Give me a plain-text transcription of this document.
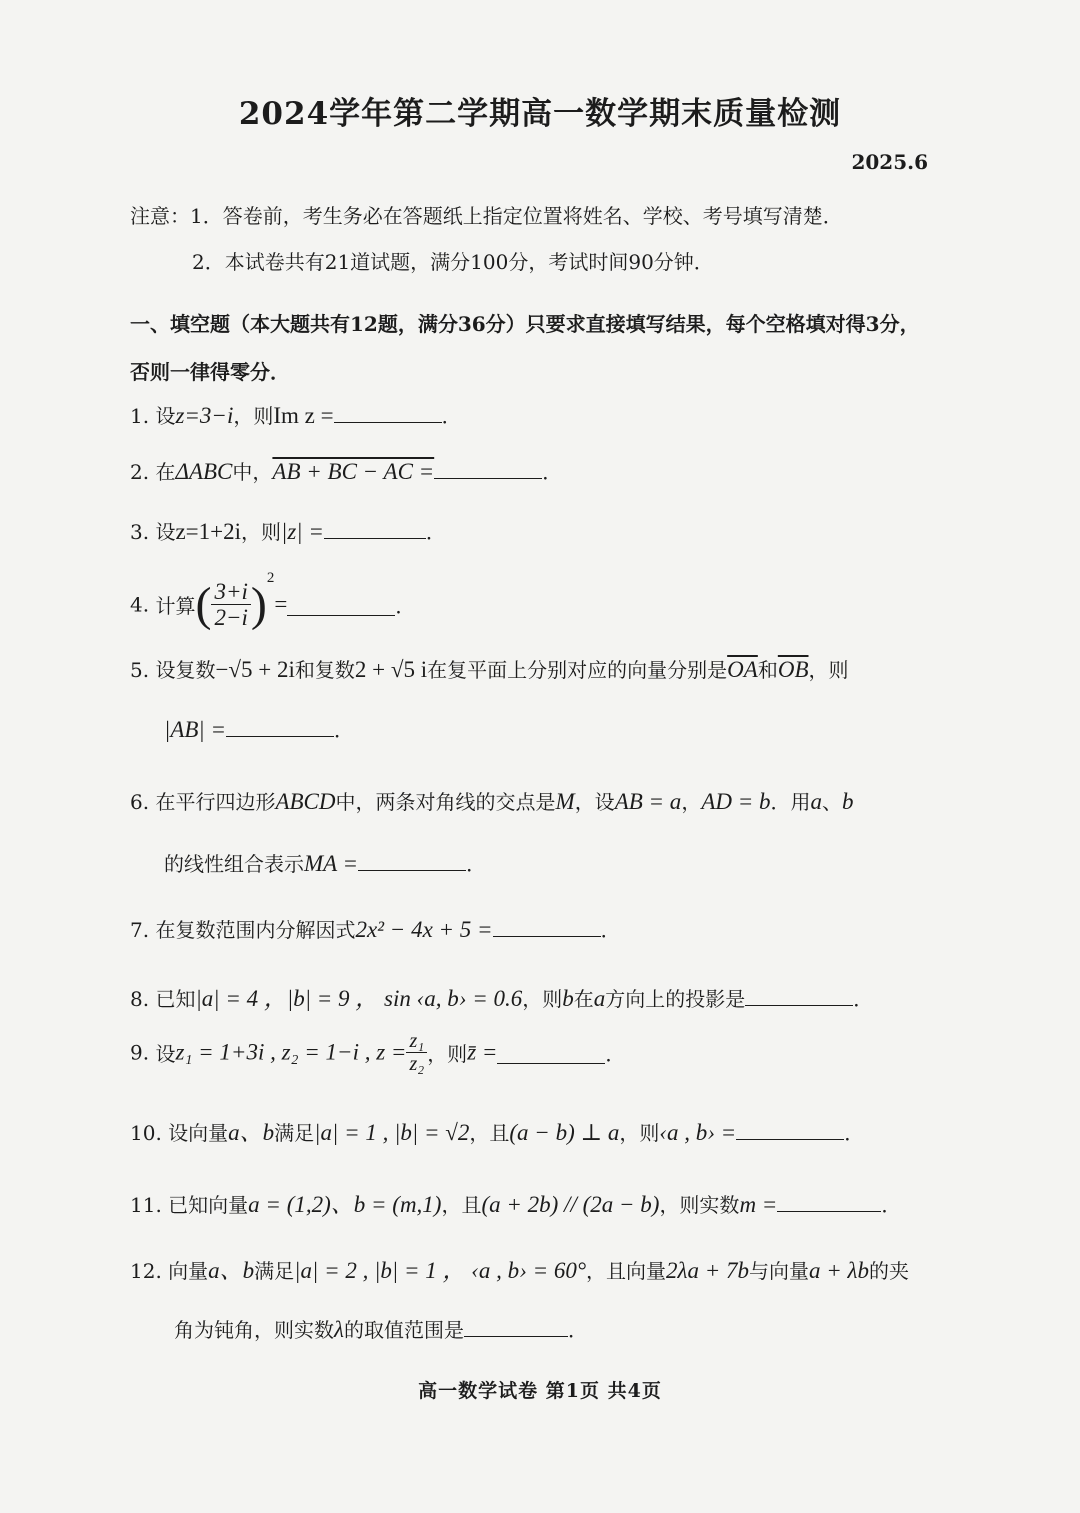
2024学年第二学期高一数学期末质量检测
2025.6
注意：1．答卷前，考生务必在答题纸上指定位置将姓名、学校、考号填写清楚．
2．本试卷共有21道试题，满分100分，考试时间90分钟．
一、填空题（本大题共有12题，满分36分）只要求直接填写结果，每个空格填对得3分，
否则一律得零分．
1. 设z=3−i，则Im z =	．
2. 在ΔABC中，AB + BC − AC =	．
3. 设z=1+2i，则|z| =	．
4. 计算( $\frac{3+i}{2-i} )^2=$	．
5. 设复数−√5 + 2i和复数2 + √5 i在复平面上分别对应的向量分别是$\overline{OA}$和$\overline{OB}$，则
|AB| =	．
6. 在平行四边形ABCD中，两条对角线的交点是M，设AB = a，AD = b．用a、b
的线性组合表示MA =	．
7. 在复数范围内分解因式2x² − 4x + 5 =	．
8. 已知|a| = 4 ，|b| = 9 ， sin ‹a, b› = 0.6，则b在a方向上的投影是	．
9. 设z₁ = 1+3i , z₂ = 1−i , $z = \frac{\text{z₁}}{\text{z₂}}$ ，则z̄ =	．
10. 设向量a、b满足|a| = 1 , |b| = √2，且(a − b) ⊥ a，则‹a , b› =	．
11. 已知向量a = (1,2)、b = (m,1)，且(a + 2b) // (2a − b)，则实数m =	．
12. 向量a、b满足|a| = 2 , |b| = 1 ， ‹a , b› = 60°，且向量2λa + 7b与向量a + λb的夹
角为钝角，则实数λ的取值范围是	．
高一数学试卷 第1页 共4页
